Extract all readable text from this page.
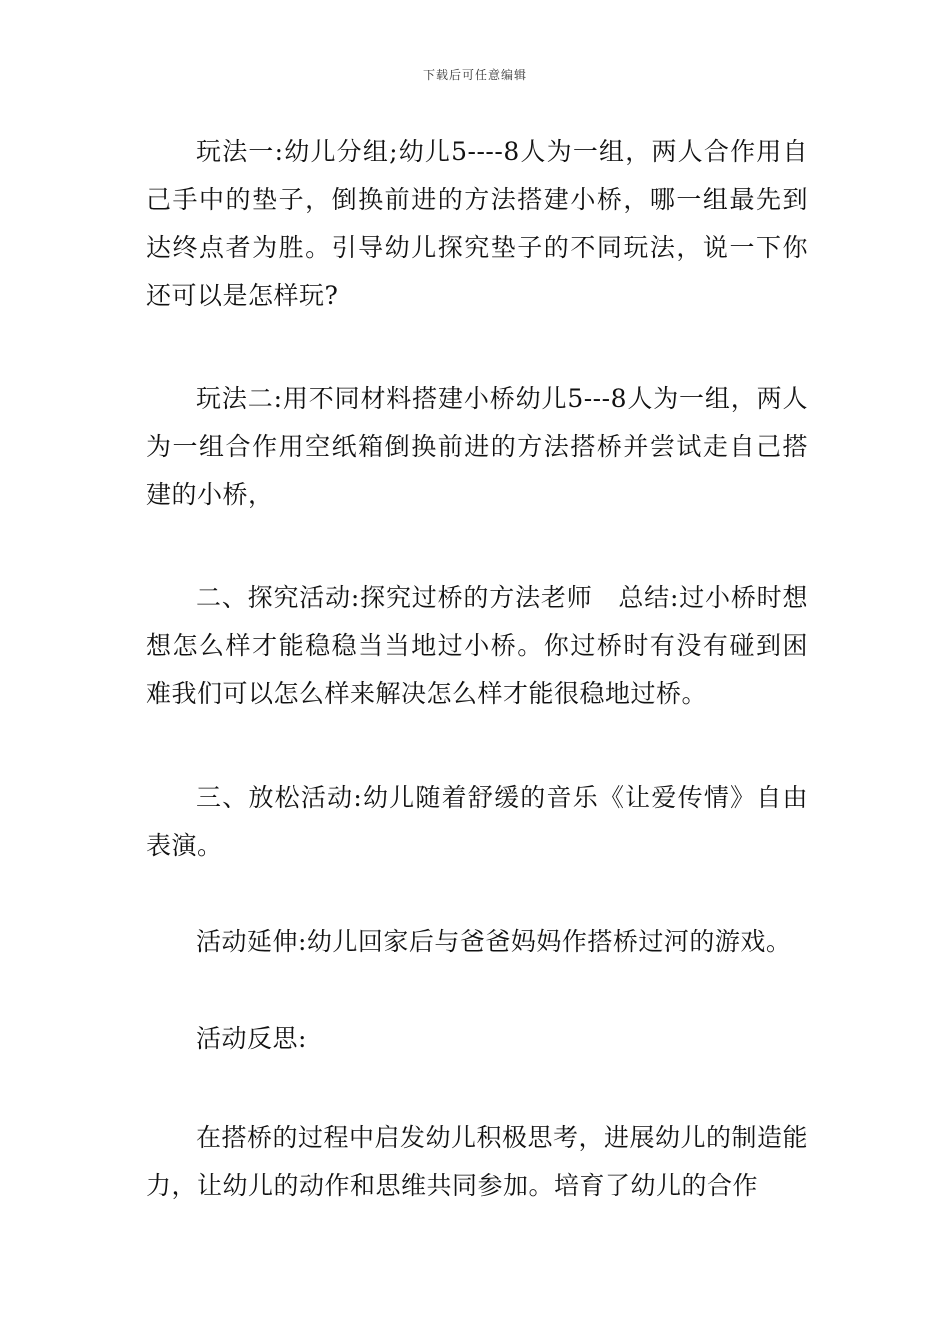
下载后可任意编辑

玩法一:幼儿分组;幼儿5----8人为一组，两人合作用自己手中的垫子，倒换前进的方法搭建小桥，哪一组最先到达终点者为胜。引导幼儿探究垫子的不同玩法，说一下你还可以是怎样玩?

玩法二:用不同材料搭建小桥幼儿5---8人为一组，两人为一组合作用空纸箱倒换前进的方法搭桥并尝试走自己搭建的小桥，

二、探究活动:探究过桥的方法老师　总结:过小桥时想想怎么样才能稳稳当当地过小桥。你过桥时有没有碰到困难我们可以怎么样来解决怎么样才能很稳地过桥。

三、放松活动:幼儿随着舒缓的音乐《让爱传情》自由表演。

活动延伸:幼儿回家后与爸爸妈妈作搭桥过河的游戏。

活动反思:

在搭桥的过程中启发幼儿积极思考，进展幼儿的制造能力，让幼儿的动作和思维共同参加。培育了幼儿的合作
